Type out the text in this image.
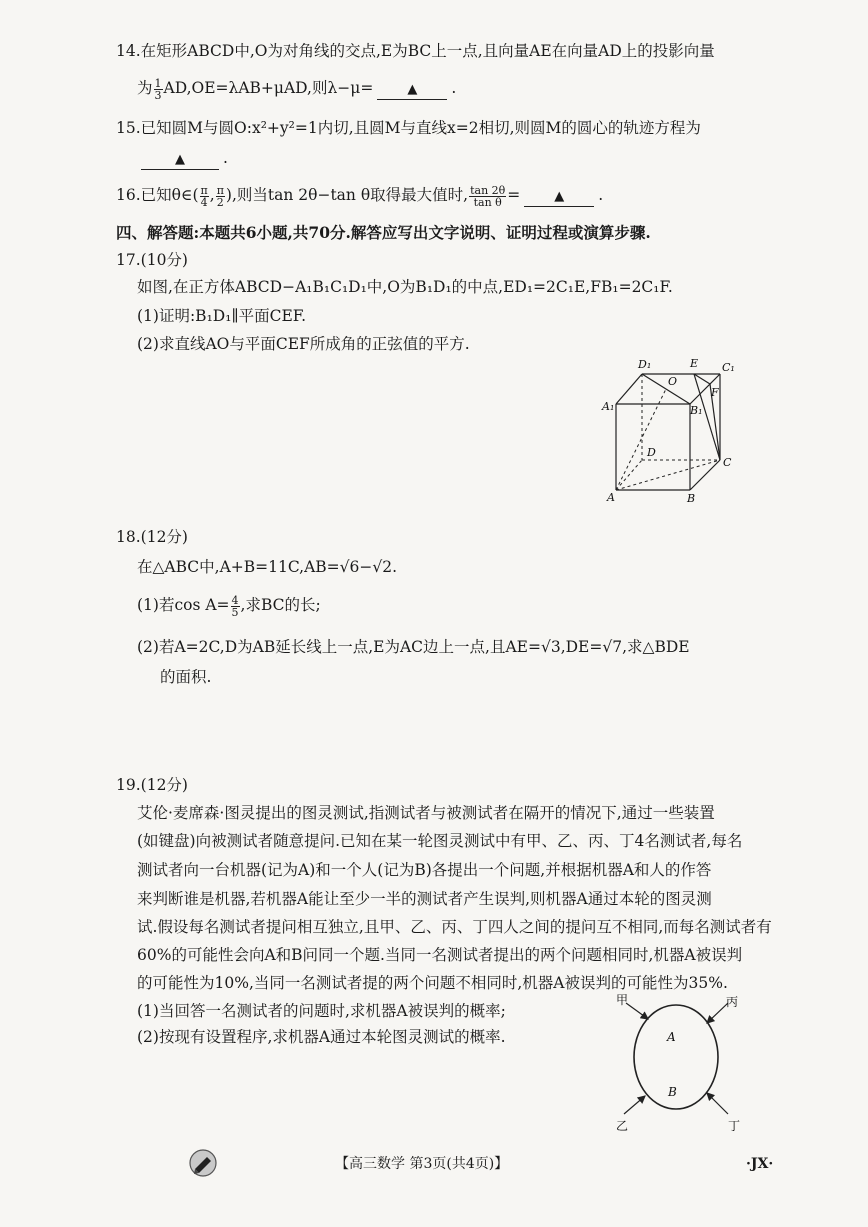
14.在矩形ABCD中,O为对角线的交点,E为BC上一点,且向量AE在向量AD上的投影向量
为 $\frac{1}{3} AD,OE=\lambda AB+\mu AD$,则λ−μ=	▲ .
15.已知圆M与圆O:x²+y²=1内切,且圆M与直线x=2相切,则圆M的圆心的轨迹方程为
▲ .
16.已知θ∈( $\frac{\pi}{4}$ , $\frac{\pi}{2}$ ),则当tan 2θ−tan θ取得最大值时, $\frac{\tan 2\theta}{\text{tan θ}}$ =	▲ .
四、解答题:本题共6小题,共70分.解答应写出文字说明、证明过程或演算步骤.
17.(10分)
如图,在正方体ABCD−A₁B₁C₁D₁中,O为B₁D₁的中点,ED₁=2C₁E,FB₁=2C₁F.
(1)证明:B₁D₁∥平面CEF.
(2)求直线AO与平面CEF所成角的正弦值的平方.
D₁	E C₁
O
F
A₁	B₁
D
C
A	B
18.(12分)
在△ABC中,A+B=11C,AB=√6−√2.
(1)若$\cos A= \frac{4}{5}$ ,求BC的长;
(2)若A=2C,D为AB延长线上一点,E为AC边上一点,且AE=√3,DE=√7,求△BDE
的面积.
19.(12分)
艾伦·麦席森·图灵提出的图灵测试,指测试者与被测试者在隔开的情况下,通过一些装置
(如键盘)向被测试者随意提问.已知在某一轮图灵测试中有甲、乙、丙、丁4名测试者,每名
测试者向一台机器(记为A)和一个人(记为B)各提出一个问题,并根据机器A和人的作答
来判断谁是机器,若机器A能让至少一半的测试者产生误判,则机器A通过本轮的图灵测
试.假设每名测试者提问相互独立,且甲、乙、丙、丁四人之间的提问互不相同,而每名测试者有
60%的可能性会向A和B问同一个题.当同一名测试者提出的两个问题相同时,机器A被误判
的可能性为10%,当同一名测试者提的两个问题不相同时,机器A被误判的可能性为35%.
(1)当回答一名测试者的问题时,求机器A被误判的概率;
(2)按现有设置程序,求机器A通过本轮图灵测试的概率.
甲	丙
乙	丁
A
B
【高三数学 第3页(共4页)】	·JX·
